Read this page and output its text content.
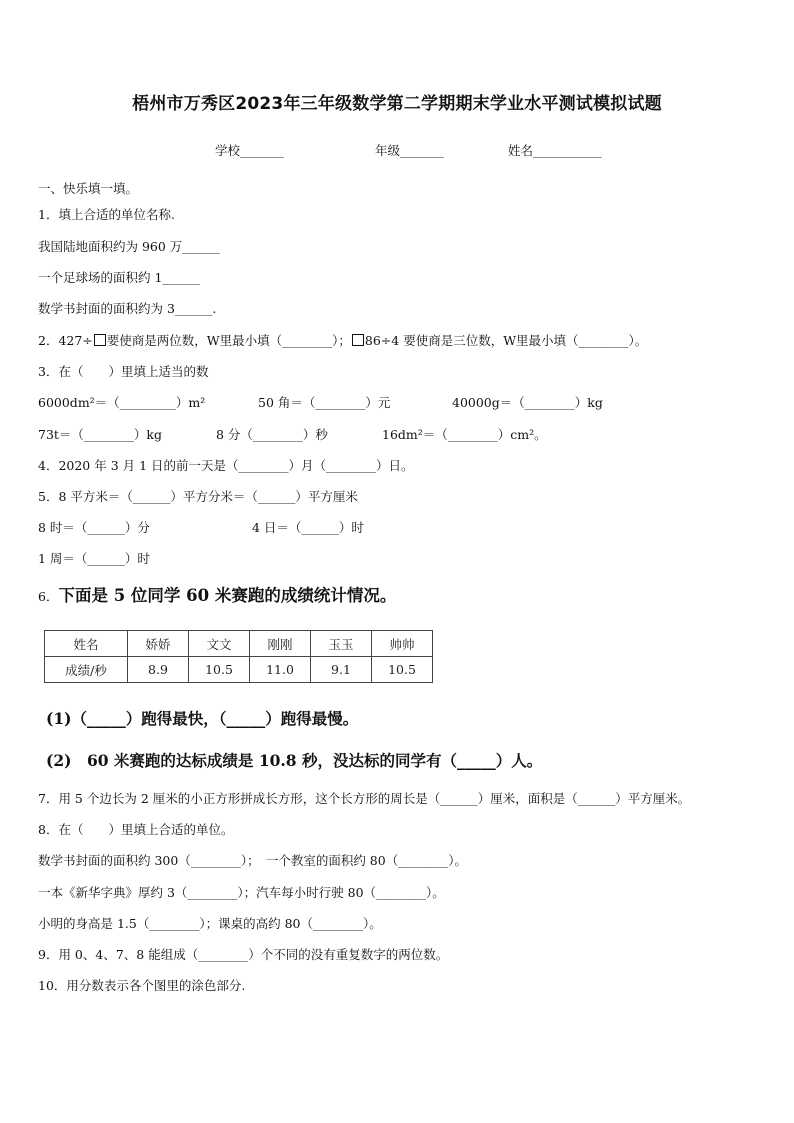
梧州市万秀区2023年三年级数学第二学期期末学业水平测试模拟试题
学校_______	年级_______	姓名___________
一、快乐填一填。
1．填上合适的单位名称.
我国陆地面积约为 960 万______
一个足球场的面积约 1______
数学书封面的面积约为 3______.
2．427÷ 要使商是两位数，W里最小填（________）； 86÷4 要使商是三位数，W里最小填（________）。
3．在（　　）里填上适当的数
6000dm²＝（_________）m²	50 角＝（________）元	40000g＝（________）kg
73t＝（________）kg	8 分（________）秒	16dm²＝（________）cm²。
4．2020 年 3 月 1 日的前一天是（________）月（________）日。
5．8 平方米＝（______）平方分米＝（______）平方厘米
8 时＝（______）分	4 日＝（______）时
1 周＝（______）时
6．下面是 5 位同学 60 米赛跑的成绩统计情况。
姓名	娇娇	文文	刚刚	玉玉	帅帅
成绩/秒	8.9	10.5	11.0	9.1	10.5
(1)（_____）跑得最快，（_____）跑得最慢。
(2)　60 米赛跑的达标成绩是 10.8 秒，没达标的同学有（_____）人。
7．用 5 个边长为 2 厘米的小正方形拼成长方形，这个长方形的周长是（______）厘米，面积是（______）平方厘米。
8．在（　　）里填上合适的单位。
数学书封面的面积约 300（________）；　一个教室的面积约 80（________）。
一本《新华字典》厚约 3（________）；汽车每小时行驶 80（________）。
小明的身高是 1.5（________）；课桌的高约 80（________）。
9．用 0、4、7、8 能组成（________）个不同的没有重复数字的两位数。
10．用分数表示各个图里的涂色部分.
